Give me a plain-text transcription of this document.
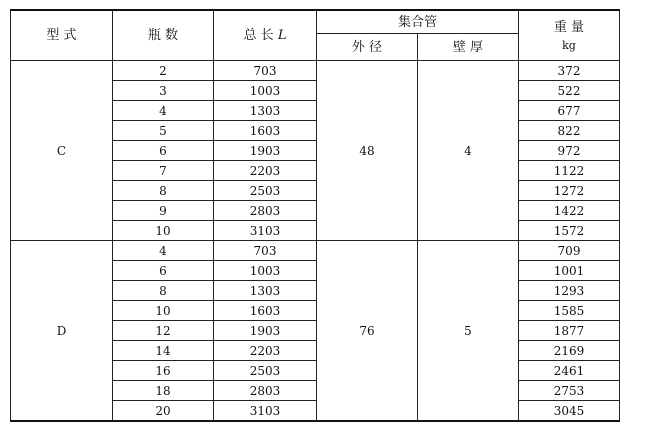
型 式	瓶 数	总 长 L	集合管		重 量
kg

			外 径	壁 厚	
C	2	703	48	4	372
	3	1003			522
	4	1303			677
	5	1603			822
	6	1903			972
	7	2203			1122
	8	2503			1272
	9	2803			1422
	10	3103			1572
D	4	703	76	5	709
	6	1003			1001
	8	1303			1293
	10	1603			1585
	12	1903			1877
	14	2203			2169
	16	2503			2461
	18	2803			2753
	20	3103			3045
